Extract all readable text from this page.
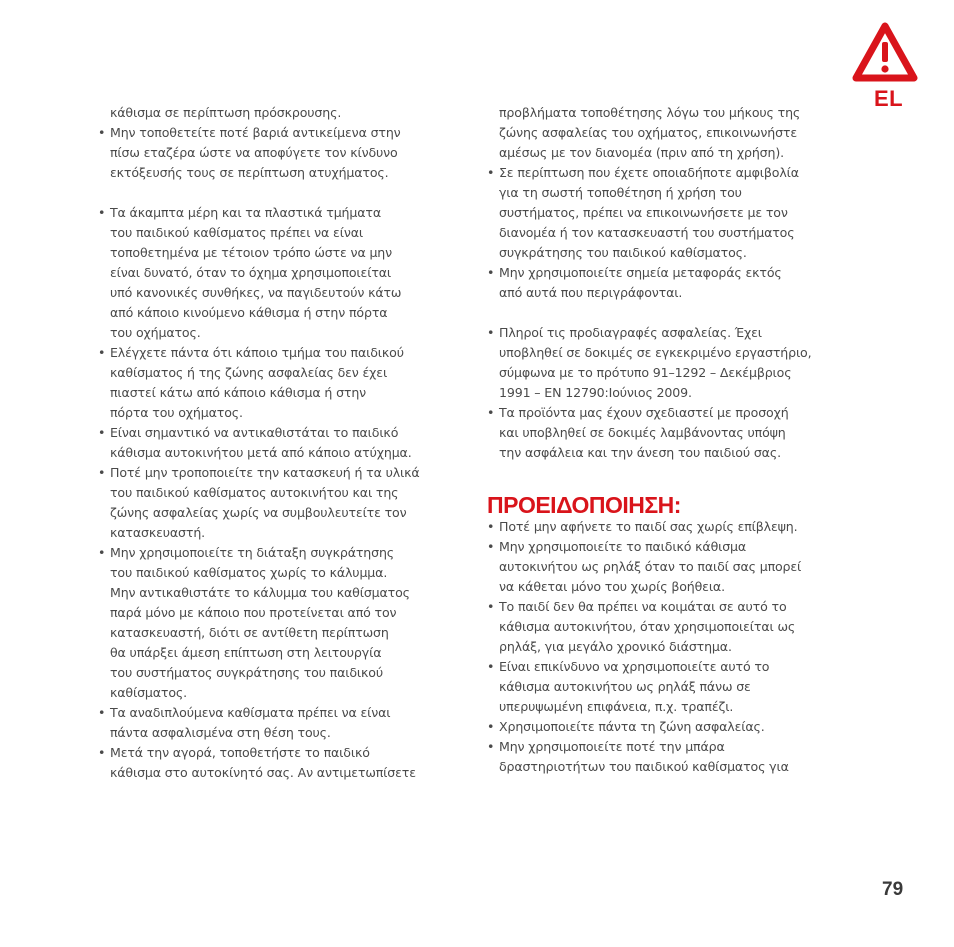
EL

κάθισμα σε περίπτωση πρόσκρουσης.

• Μην τοποθετείτε ποτέ βαριά αντικείμενα στην
πίσω εταζέρα ώστε να αποφύγετε τον κίνδυνο
εκτόξευσής τους σε περίπτωση ατυχήματος.

• Τα άκαμπτα μέρη και τα πλαστικά τμήματα
του παιδικού καθίσματος πρέπει να είναι
τοποθετημένα με τέτοιον τρόπο ώστε να μην
είναι δυνατό, όταν το όχημα χρησιμοποιείται
υπό κανονικές συνθήκες, να παγιδευτούν κάτω
από κάποιο κινούμενο κάθισμα ή στην πόρτα
του οχήματος.

• Ελέγχετε πάντα ότι κάποιο τμήμα του παιδικού
καθίσματος ή της ζώνης ασφαλείας δεν έχει
πιαστεί κάτω από κάποιο κάθισμα ή στην
πόρτα του οχήματος.

• Είναι σημαντικό να αντικαθιστάται το παιδικό
κάθισμα αυτοκινήτου μετά από κάποιο ατύχημα.

• Ποτέ μην τροποποιείτε την κατασκευή ή τα υλικά
του παιδικού καθίσματος αυτοκινήτου και της
ζώνης ασφαλείας χωρίς να συμβουλευτείτε τον
κατασκευαστή.

• Μην χρησιμοποιείτε τη διάταξη συγκράτησης
του παιδικού καθίσματος χωρίς το κάλυμμα.
Μην αντικαθιστάτε το κάλυμμα του καθίσματος
παρά μόνο με κάποιο που προτείνεται από τον
κατασκευαστή, διότι σε αντίθετη περίπτωση
θα υπάρξει άμεση επίπτωση στη λειτουργία
του συστήματος συγκράτησης του παιδικού
καθίσματος.

• Τα αναδιπλούμενα καθίσματα πρέπει να είναι
πάντα ασφαλισμένα στη θέση τους.

• Μετά την αγορά, τοποθετήστε το παιδικό
κάθισμα στο αυτοκίνητό σας. Αν αντιμετωπίσετε

προβλήματα τοποθέτησης λόγω του μήκους της
ζώνης ασφαλείας του οχήματος, επικοινωνήστε
αμέσως με τον διανομέα (πριν από τη χρήση).

• Σε περίπτωση που έχετε οποιαδήποτε αμφιβολία
για τη σωστή τοποθέτηση ή χρήση του
συστήματος, πρέπει να επικοινωνήσετε με τον
διανομέα ή τον κατασκευαστή του συστήματος
συγκράτησης του παιδικού καθίσματος.

• Μην χρησιμοποιείτε σημεία μεταφοράς εκτός
από αυτά που περιγράφονται.

• Πληροί τις προδιαγραφές ασφαλείας. Έχει
υποβληθεί σε δοκιμές σε εγκεκριμένο εργαστήριο,
σύμφωνα με το πρότυπο 91–1292 – Δεκέμβριος
1991 – EN 12790:Ιούνιος 2009.

• Τα προϊόντα μας έχουν σχεδιαστεί με προσοχή
και υποβληθεί σε δοκιμές λαμβάνοντας υπόψη
την ασφάλεια και την άνεση του παιδιού σας.

ΠΡΟΕΙΔΟΠΟΙΗΣΗ:

• Ποτέ μην αφήνετε το παιδί σας χωρίς επίβλεψη.

• Μην χρησιμοποιείτε το παιδικό κάθισμα
αυτοκινήτου ως ρηλάξ όταν το παιδί σας μπορεί
να κάθεται μόνο του χωρίς βοήθεια.

• Το παιδί δεν θα πρέπει να κοιμάται σε αυτό το
κάθισμα αυτοκινήτου, όταν χρησιμοποιείται ως
ρηλάξ, για μεγάλο χρονικό διάστημα.

• Είναι επικίνδυνο να χρησιμοποιείτε αυτό το
κάθισμα αυτοκινήτου ως ρηλάξ πάνω σε
υπερυψωμένη επιφάνεια, π.χ. τραπέζι.

• Χρησιμοποιείτε πάντα τη ζώνη ασφαλείας.

• Μην χρησιμοποιείτε ποτέ την μπάρα
δραστηριοτήτων του παιδικού καθίσματος για

79
